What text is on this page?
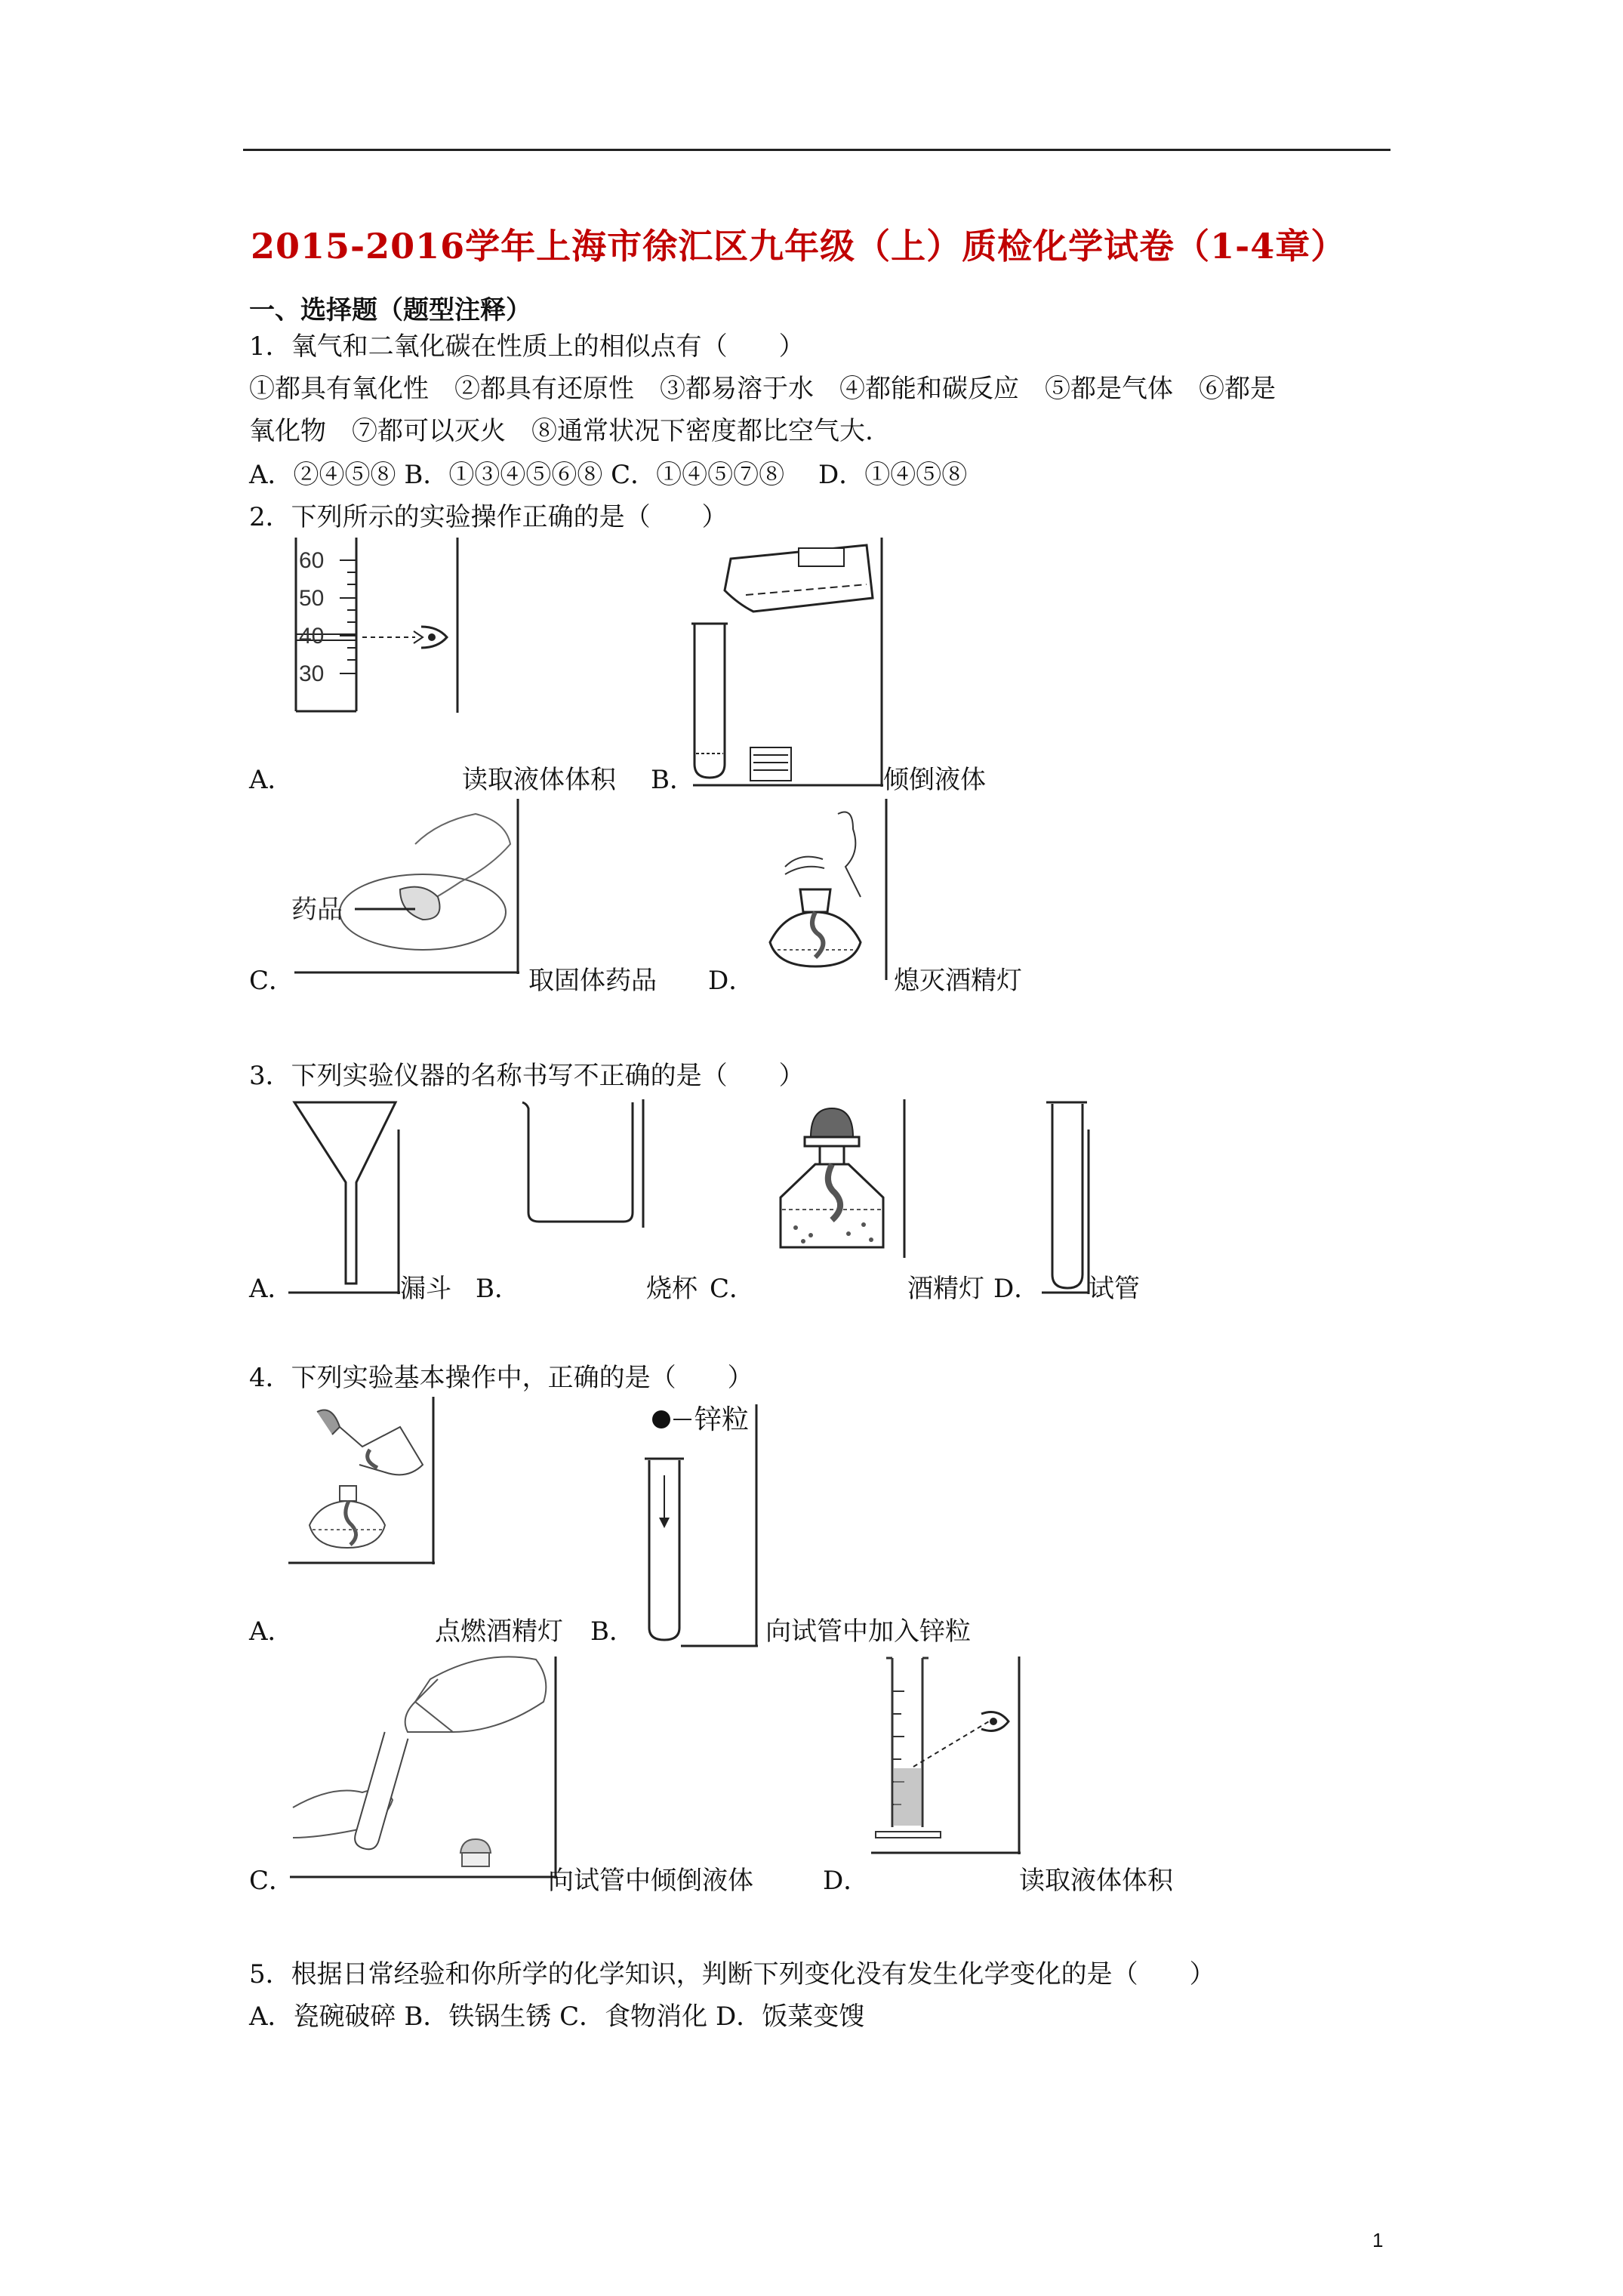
2015-2016学年上海市徐汇区九年级（上）质检化学试卷（1-4章）
一、选择题（题型注释）
1．氧气和二氧化碳在性质上的相似点有（　　）
①都具有氧化性　②都具有还原性　③都易溶于水　④都能和碳反应　⑤都是气体　⑥都是
氧化物　⑦都可以灭火　⑧通常状况下密度都比空气大.
A．②④⑤⑧ B．①③④⑤⑥⑧ C．①④⑤⑦⑧　 D．①④⑤⑧
2．下列所示的实验操作正确的是（　　）
60
50
40
30
A．	读取液体体积 B．	倾倒液体
药品
C．	取固体药品 D．	熄灭酒精灯
3．下列实验仪器的名称书写不正确的是（　　）
A．	漏斗 B．	烧杯 C．	酒精灯 D． 试管
4．下列实验基本操作中，正确的是（　　）
A．	点燃酒精灯 B．
锌粒
向试管中加入锌粒
C．	向试管中倾倒液体	D．	读取液体体积
5．根据日常经验和你所学的化学知识，判断下列变化没有发生化学变化的是（　　）
A．瓷碗破碎 B．铁锅生锈 C．食物消化 D．饭菜变馊
1
